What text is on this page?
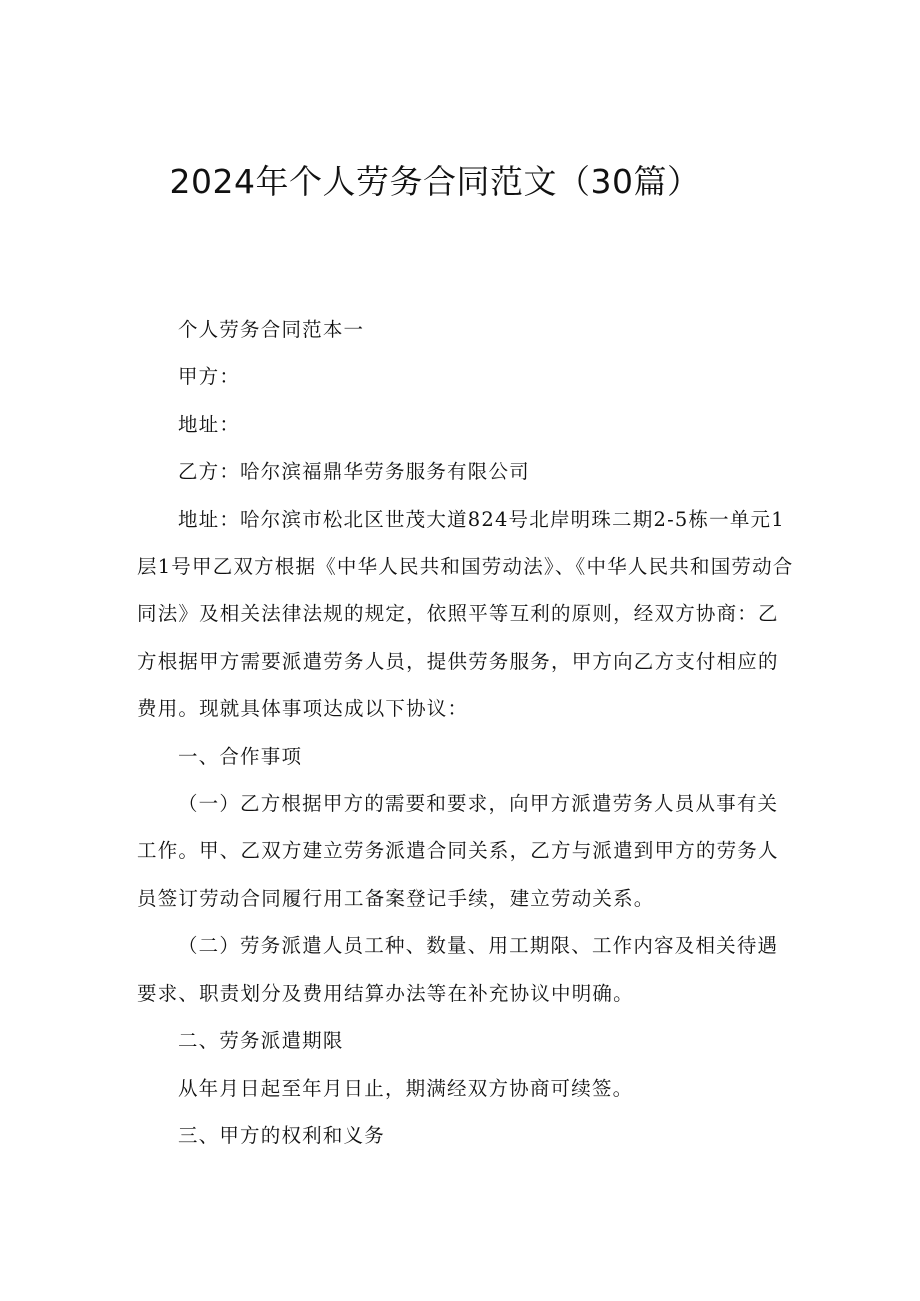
2024年个人劳务合同范文（30篇）

个人劳务合同范本一

甲方：

地址：

乙方：哈尔滨福鼎华劳务服务有限公司

地址：哈尔滨市松北区世茂大道824号北岸明珠二期2-5栋一单元1层1号甲乙双方根据《中华人民共和国劳动法》、《中华人民共和国劳动合同法》及相关法律法规的规定，依照平等互利的原则，经双方协商：乙方根据甲方需要派遣劳务人员，提供劳务服务，甲方向乙方支付相应的费用。现就具体事项达成以下协议：

一、合作事项

（一）乙方根据甲方的需要和要求，向甲方派遣劳务人员从事有关工作。甲、乙双方建立劳务派遣合同关系，乙方与派遣到甲方的劳务人员签订劳动合同履行用工备案登记手续，建立劳动关系。

（二）劳务派遣人员工种、数量、用工期限、工作内容及相关待遇要求、职责划分及费用结算办法等在补充协议中明确。

二、劳务派遣期限

从年月日起至年月日止，期满经双方协商可续签。

三、甲方的权利和义务
